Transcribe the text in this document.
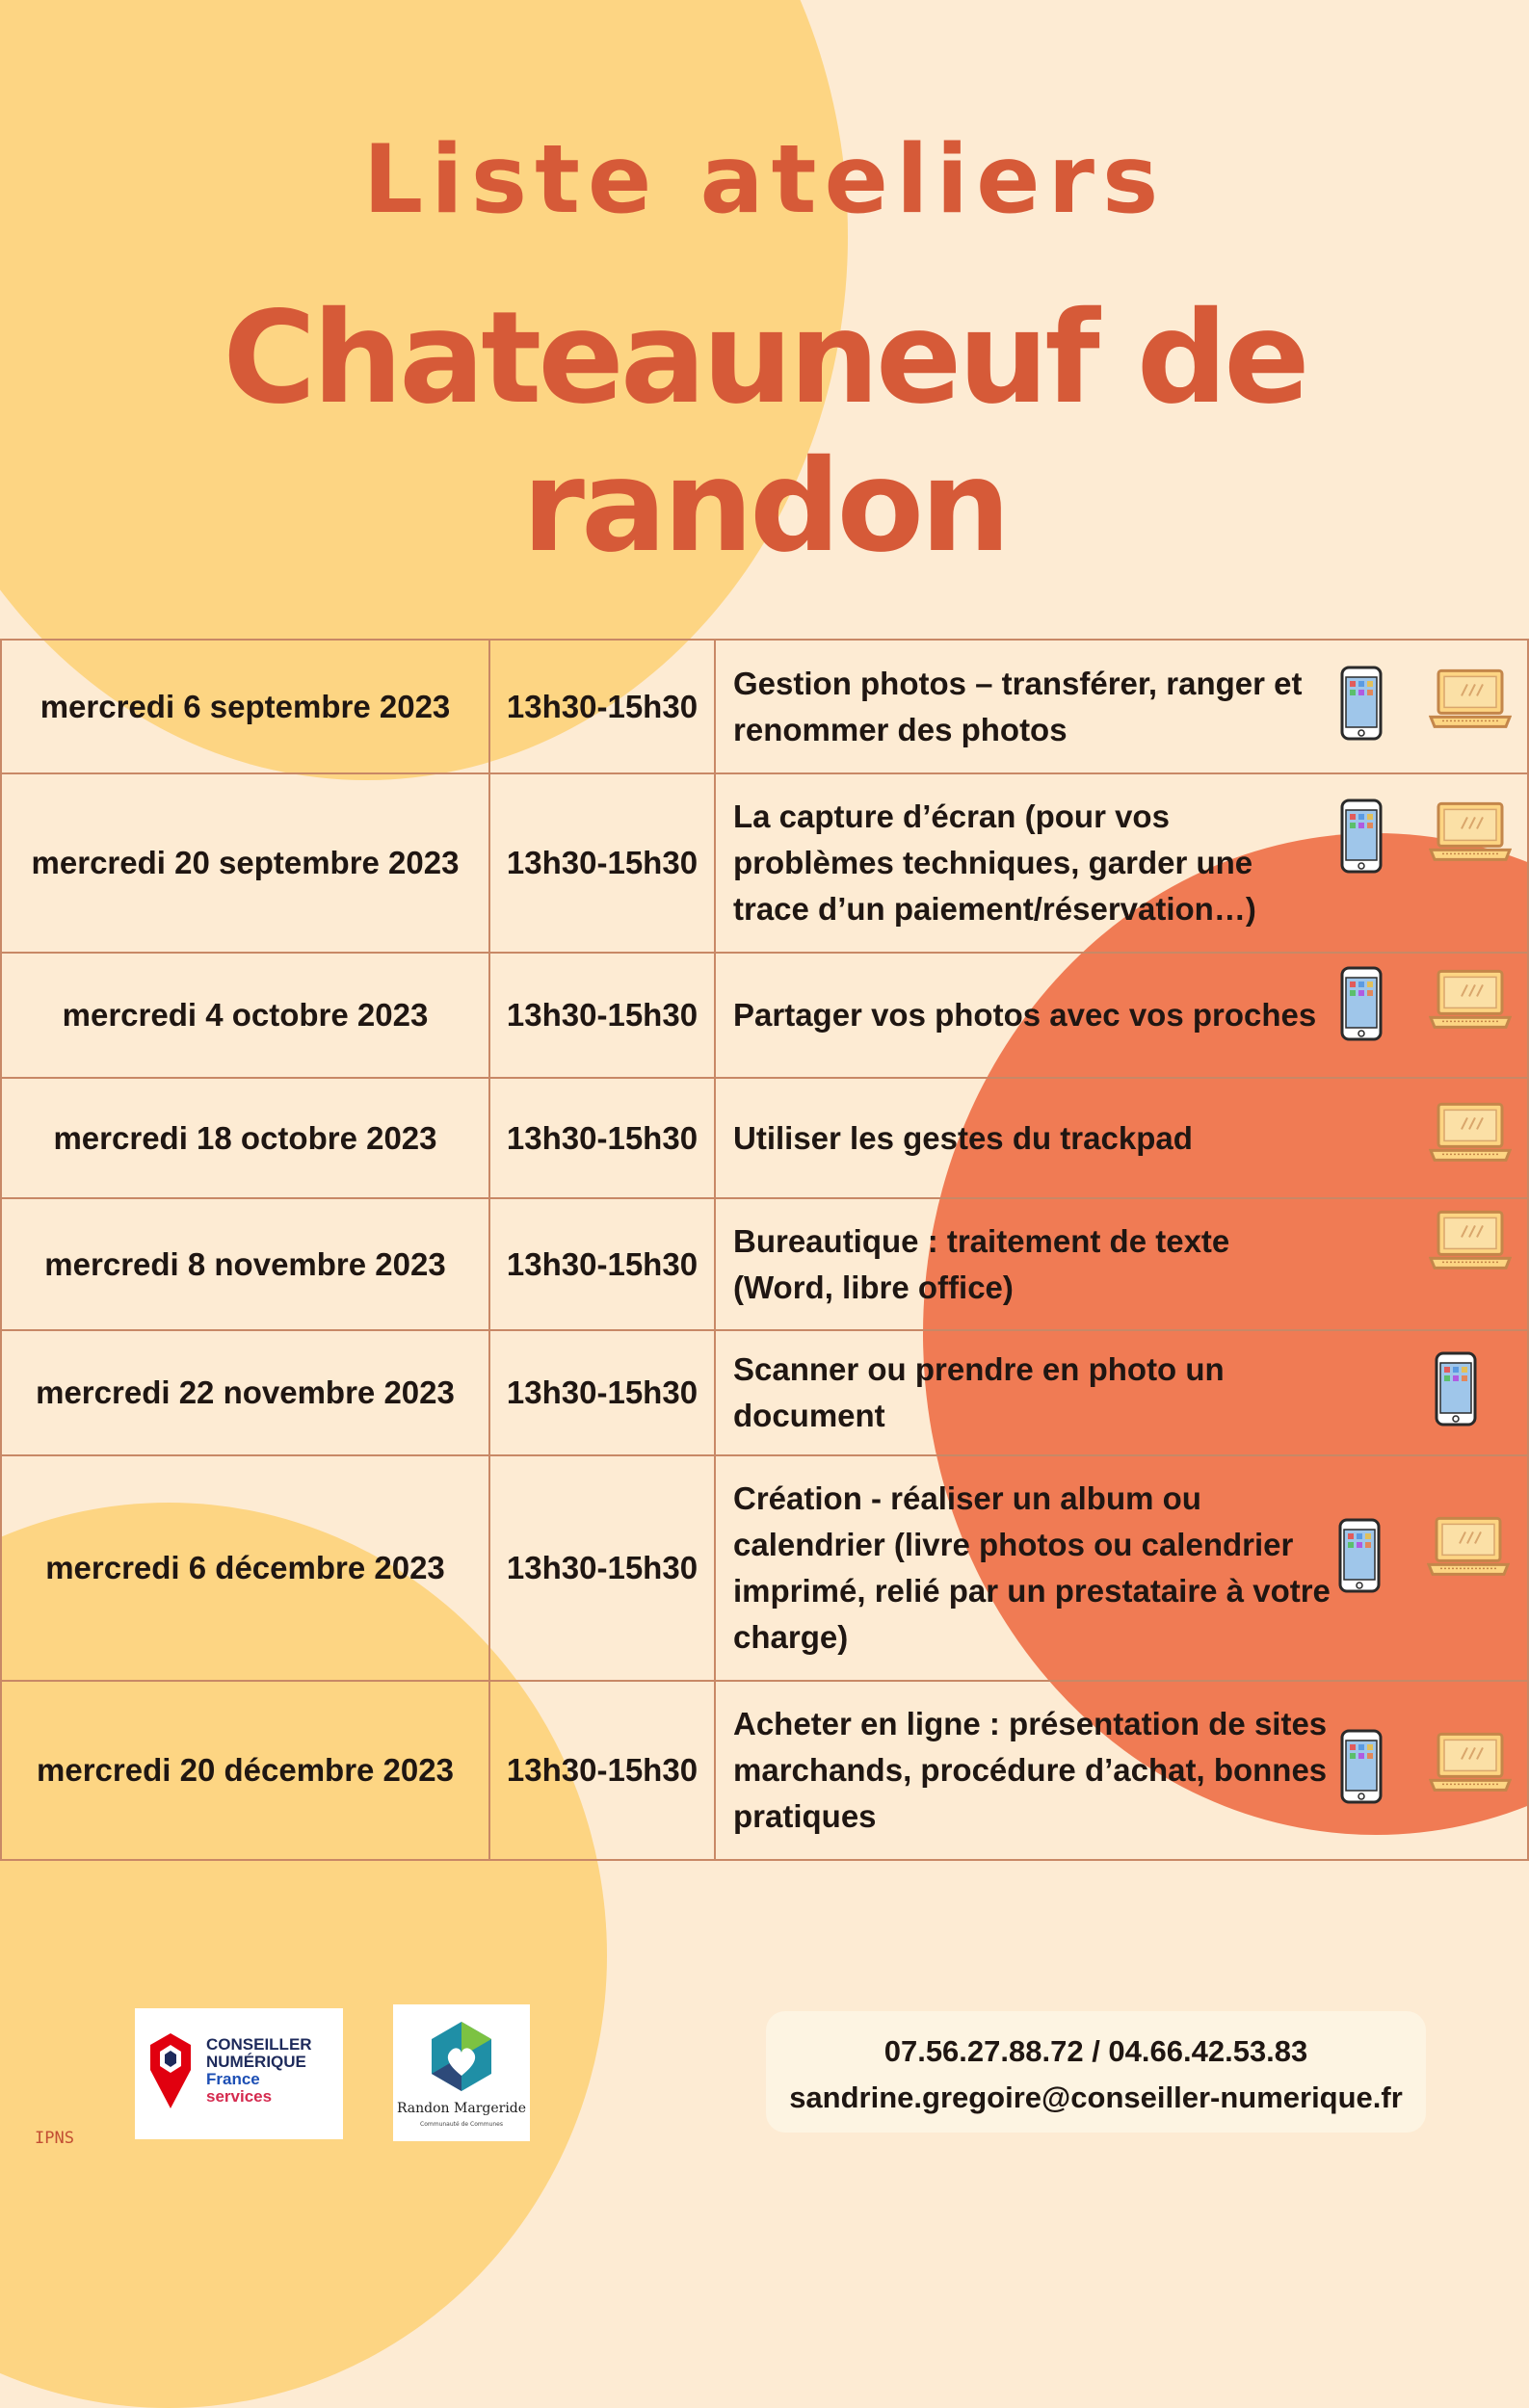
Liste ateliers
Chateauneuf de randon
mercredi 6 septembre 2023	13h30-15h30	Gestion photos – transférer, ranger et renommer des photos

mercredi 20 septembre 2023	13h30-15h30	La capture d’écran (pour vos problèmes techniques, garder une trace d’un paiement/réservation…)

mercredi 4 octobre 2023	13h30-15h30	Partager vos photos avec vos proches

mercredi 18 octobre 2023	13h30-15h30	Utiliser les gestes du trackpad

mercredi 8 novembre 2023	13h30-15h30	Bureautique : traitement de texte (Word, libre office)

mercredi 22 novembre 2023	13h30-15h30	Scanner ou prendre en photo un document

mercredi 6 décembre 2023	13h30-15h30	Création - réaliser un album ou calendrier (livre photos ou calendrier imprimé, relié par un prestataire à votre charge)

mercredi 20 décembre 2023	13h30-15h30	Acheter en ligne : présentation de sites marchands, procédure d’achat, bonnes pratiques
CONSEILLER
NUMÉRIQUE
France
services
Randon Margeride
Communauté de Communes
07.56.27.88.72 / 04.66.42.53.83
sandrine.gregoire@conseiller-numerique.fr
IPNS
